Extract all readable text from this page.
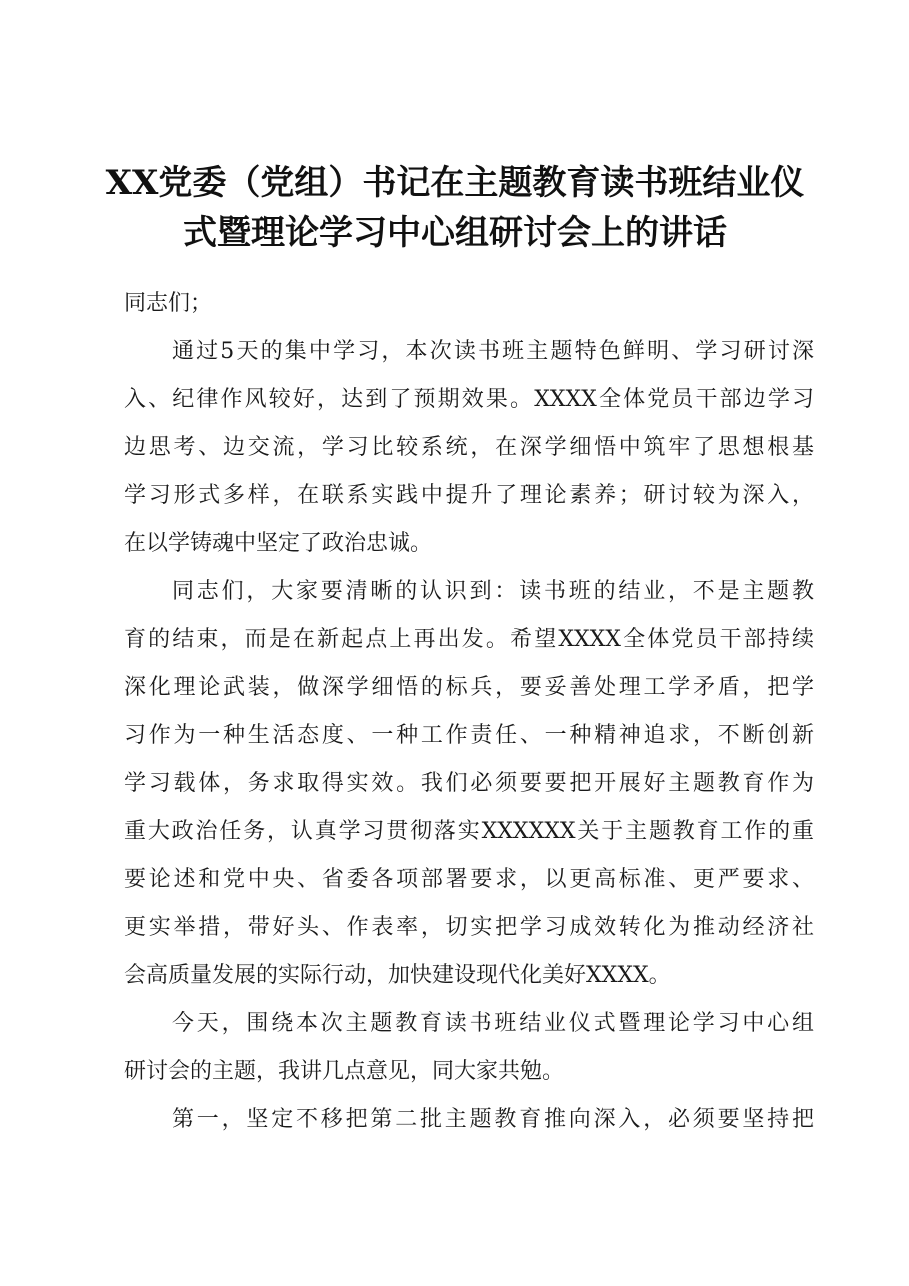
XX党委（党组）书记在主题教育读书班结业仪
式暨理论学习中心组研讨会上的讲话
同志们；
通过5天的集中学习，本次读书班主题特色鲜明、学习研讨深
入、纪律作风较好，达到了预期效果。XXXX全体党员干部边学习
边思考、边交流，学习比较系统，在深学细悟中筑牢了思想根基
学习形式多样，在联系实践中提升了理论素养；研讨较为深入，
在以学铸魂中坚定了政治忠诚。
同志们，大家要清晰的认识到：读书班的结业，不是主题教
育的结束，而是在新起点上再出发。希望XXXX全体党员干部持续
深化理论武装，做深学细悟的标兵，要妥善处理工学矛盾，把学
习作为一种生活态度、一种工作责任、一种精神追求，不断创新
学习载体，务求取得实效。我们必须要要把开展好主题教育作为
重大政治任务，认真学习贯彻落实XXXXXX关于主题教育工作的重
要论述和党中央、省委各项部署要求，以更高标准、更严要求、
更实举措，带好头、作表率，切实把学习成效转化为推动经济社
会高质量发展的实际行动，加快建设现代化美好XXXX。
今天，围绕本次主题教育读书班结业仪式暨理论学习中心组
研讨会的主题，我讲几点意见，同大家共勉。
第一，坚定不移把第二批主题教育推向深入，必须要坚持把
